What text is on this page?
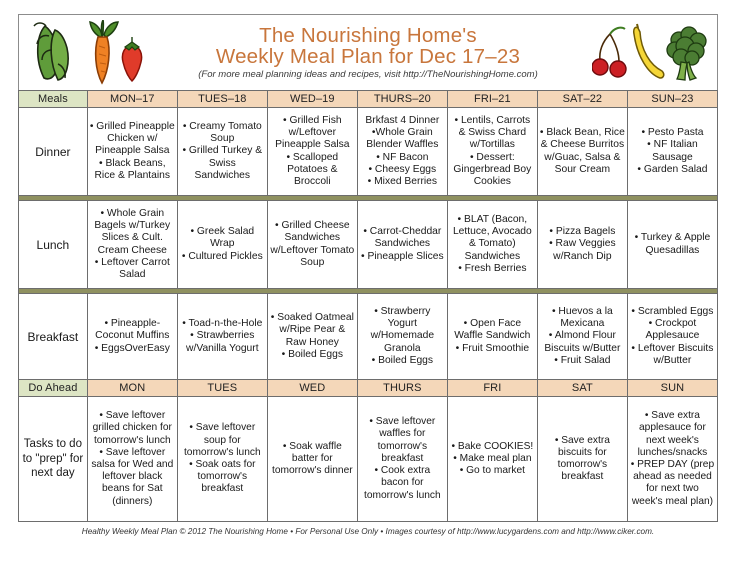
The Nourishing Home's
Weekly Meal Plan for Dec 17–23
(For more meal planning ideas and recipes, visit http://TheNourishingHome.com)
Meals	MON–17	TUES–18	WED–19	THURS–20	FRI–21	SAT–22	SUN–23
Dinner	• Grilled Pineapple Chicken w/ Pineapple Salsa
• Black Beans, Rice & Plantains	• Creamy Tomato Soup
• Grilled Turkey & Swiss Sandwiches	• Grilled Fish w/Leftover Pineapple Salsa
• Scalloped Potatoes & Broccoli	Brkfast 4 Dinner
•Whole Grain Blender Waffles
• NF Bacon
• Cheesy Eggs
• Mixed Berries	• Lentils, Carrots & Swiss Chard w/Tortillas
• Dessert: Gingerbread Boy Cookies	• Black Bean, Rice & Cheese Burritos w/Guac, Salsa & Sour Cream	• Pesto Pasta
• NF Italian Sausage
• Garden Salad

Lunch	• Whole Grain Bagels w/Turkey Slices & Cult. Cream Cheese
• Leftover Carrot Salad	• Greek Salad Wrap
• Cultured Pickles	• Grilled Cheese Sandwiches w/Leftover Tomato Soup	• Carrot-Cheddar Sandwiches
• Pineapple Slices	• BLAT (Bacon, Lettuce, Avocado & Tomato) Sandwiches
• Fresh Berries	• Pizza Bagels
• Raw Veggies w/Ranch Dip	• Turkey & Apple Quesadillas

Breakfast	• Pineapple-Coconut Muffins
• EggsOverEasy	• Toad-n-the-Hole
• Strawberries w/Vanilla Yogurt	• Soaked Oatmeal w/Ripe Pear & Raw Honey
• Boiled Eggs	• Strawberry Yogurt w/Homemade Granola
• Boiled Eggs	• Open Face Waffle Sandwich
• Fruit Smoothie	• Huevos a la Mexicana
• Almond Flour Biscuits w/Butter
• Fruit Salad	• Scrambled Eggs
• Crockpot Applesauce
• Leftover Biscuits w/Butter

Do Ahead	MON	TUES	WED	THURS	FRI	SAT	SUN
Tasks to do to "prep" for next day	• Save leftover grilled chicken for tomorrow's lunch
• Save leftover salsa for Wed and leftover black beans for Sat (dinners)	• Save leftover soup for tomorrow's lunch
• Soak oats for tomorrow's breakfast	• Soak waffle batter for tomorrow's dinner	• Save leftover waffles for tomorrow's breakfast
• Cook extra bacon for tomorrow's lunch	• Bake COOKIES!
• Make meal plan
• Go to market	• Save extra biscuits for tomorrow's breakfast	• Save extra applesauce for next week's lunches/snacks
• PREP DAY (prep ahead as needed for next two week's meal plan)
Healthy Weekly Meal Plan © 2012 The Nourishing Home • For Personal Use Only • Images courtesy of http://www.lucygardens.com and http://www.ciker.com.
